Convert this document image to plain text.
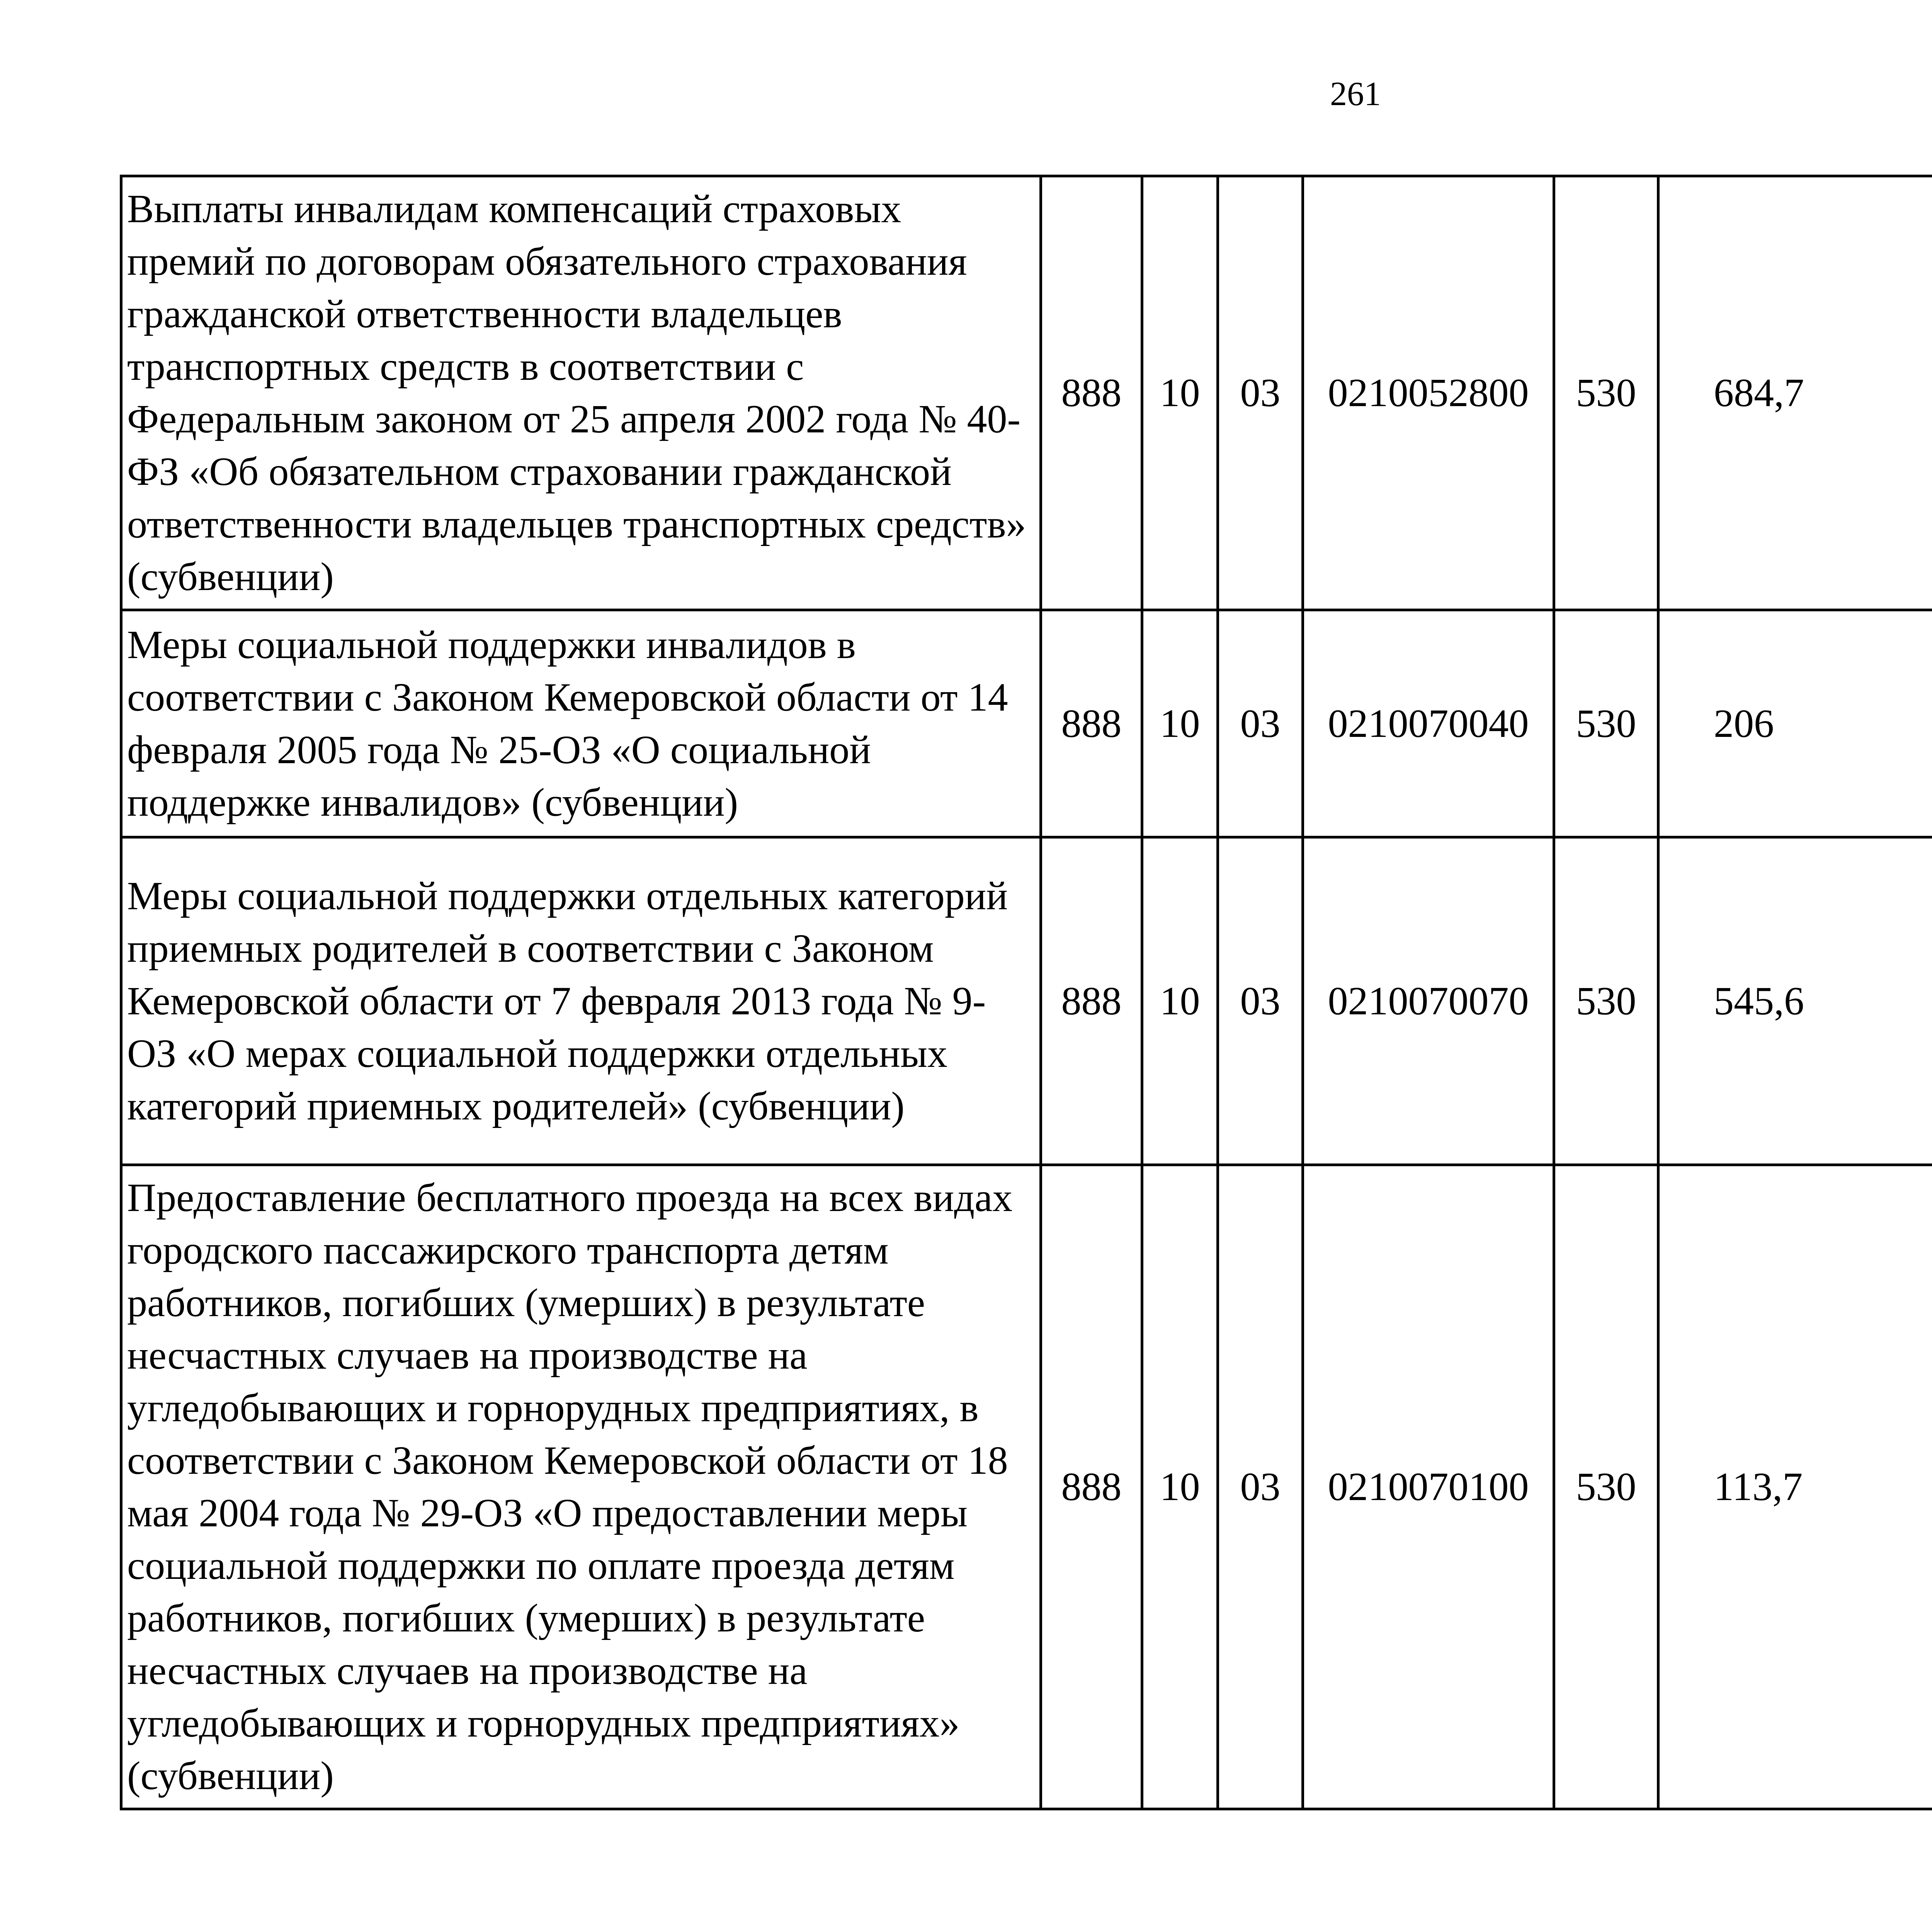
261
Выплаты инвалидам компенсаций страховых премий по договорам обязательного страхования гражданской ответственности владельцев транспортных средств в соответствии с Федеральным законом от 25 апреля 2002 года № 40-ФЗ «Об обязательном страховании гражданской ответственности владельцев транспортных средств» (субвенции)	888	10	03	0210052800	530	684,7		
Меры социальной поддержки инвалидов в соответствии с Законом Кемеровской области от 14 февраля 2005 года № 25-ОЗ «О социальной поддержке инвалидов» (субвенции)	888	10	03	0210070040	530	206		
Меры социальной поддержки отдельных категорий приемных родителей в соответствии с Законом Кемеровской области от 7 февраля 2013 года № 9-ОЗ «О мерах социальной поддержки отдельных категорий приемных родителей» (субвенции)	888	10	03	0210070070	530	545,6		
Предоставление бесплатного проезда на всех видах городского пассажирского транспорта детям работников, погибших (умерших) в результате несчастных случаев на производстве на угледобывающих и горнорудных предприятиях, в соответствии с Законом Кемеровской области от 18 мая 2004 года № 29-ОЗ «О предоставлении меры социальной поддержки по оплате проезда детям работников, погибших (умерших) в результате несчастных случаев на производстве на угледобывающих и горнорудных предприятиях» (субвенции)	888	10	03	0210070100	530	113,7		
